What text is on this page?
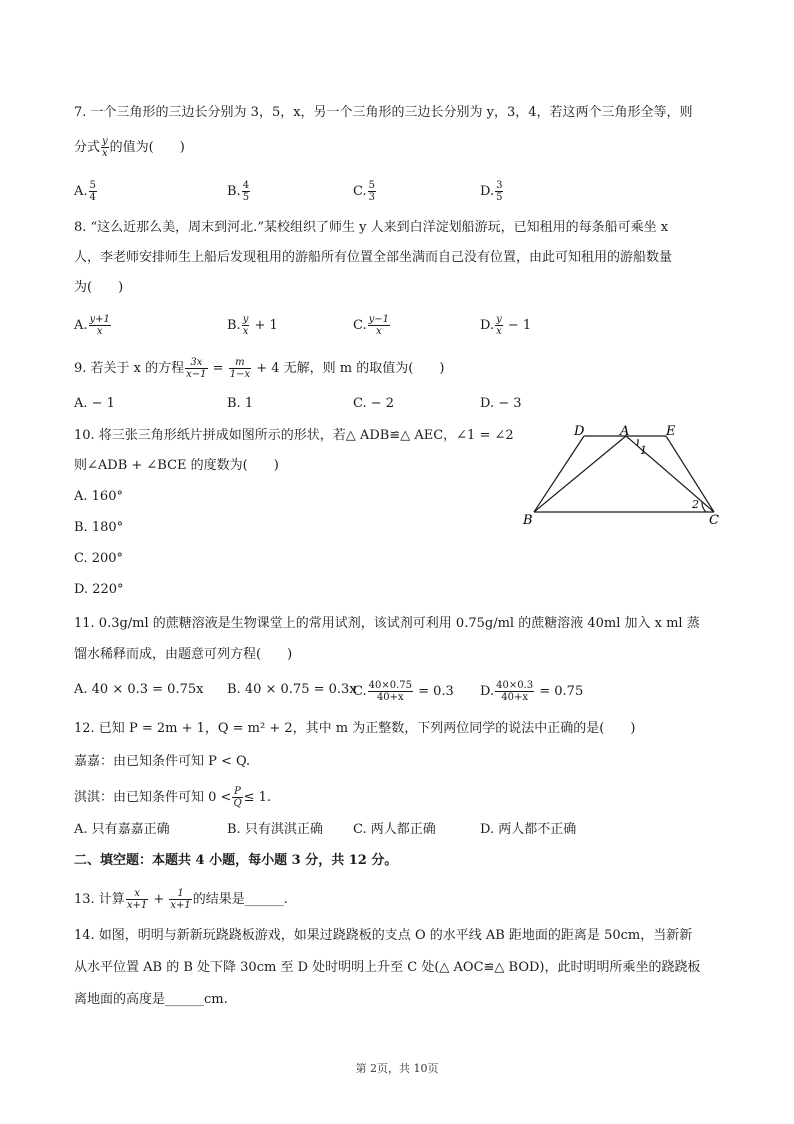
7. 一个三角形的三边长分别为 3，5，x，另一个三角形的三边长分别为 y，3，4，若这两个三角形全等，则
分式 $\frac{y}{x}$ 的值为(　　)
A. $\frac{5}{4}$	B. $\frac{4}{5}$	C. $\frac{5}{3}$	D. $\frac{3}{5}$
8. “这么近那么美，周末到河北.”某校组织了师生 y 人来到白洋淀划船游玩，已知租用的每条船可乘坐 x
人，李老师安排师生上船后发现租用的游船所有位置全部坐满而自己没有位置，由此可知租用的游船数量
为(　　)
A. $\frac{y+1}{x}$	B. $\frac{y}{x} + 1$	C. $\frac{y-1}{x}$	D. $\frac{y}{x} - 1$
9. 若关于 x 的方程 $\frac{3x}{x-1} = \frac{m}{1-x} + 4$ 无解，则 m 的取值为(　　)
A. − 1	B. 1	C. − 2	D. − 3
10. 将三张三角形纸片拼成如图所示的形状，若△ ADB≌△ AEC，∠1 = ∠2
则∠ADB + ∠BCE 的度数为(　　)
A. 160°
B. 180°
C. 200°
D. 220°
D	A	E
B	C
1
2
11. 0.3g/ml 的蔗糖溶液是生物课堂上的常用试剂，该试剂可利用 0.75g/ml 的蔗糖溶液 40ml 加入 x ml 蒸
馏水稀释而成，由题意可列方程(　　)
A. 40 × 0.3 = 0.75x B. 40 × 0.75 = 0.3x
C. $\frac{40\times 0.75}{40+x} = 0.3$ D. $\frac{40\times 0.3}{40+x} = 0.75$
12. 已知 P = 2m + 1，Q = m² + 2，其中 m 为正整数，下列两位同学的说法中正确的是(　　)
嘉嘉：由已知条件可知 P < Q.
淇淇：由已知条件可知 $0 < \frac{P}{Q} \le 1$.
A. 只有嘉嘉正确	B. 只有淇淇正确 C. 两人都正确	D. 两人都不正确
二、填空题：本题共 4 小题，每小题 3 分，共 12 分。
13. 计算 $\frac{x}{x+1} + \frac{1}{x+1}$ 的结果是______.
14. 如图，明明与新新玩跷跷板游戏，如果过跷跷板的支点 O 的水平线 AB 距地面的距离是 50cm，当新新
从水平位置 AB 的 B 处下降 30cm 至 D 处时明明上升至 C 处(△ AOC≌△ BOD)，此时明明所乘坐的跷跷板
离地面的高度是______cm.
第 2页，共 10页
